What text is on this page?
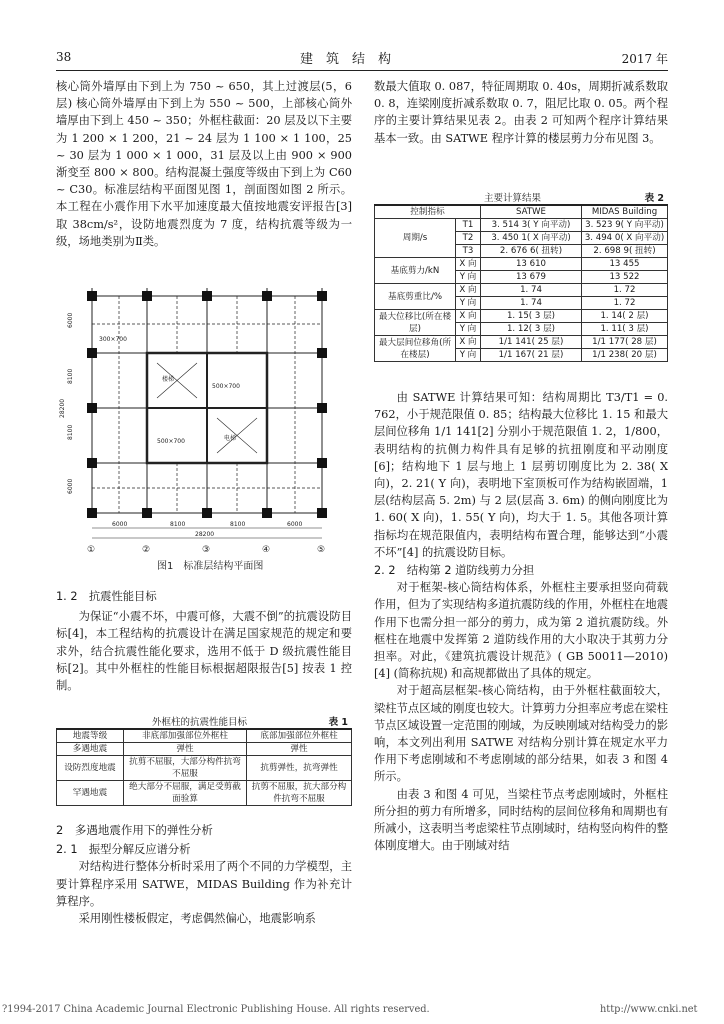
38	建　筑　结　构	2017 年

核心筒外墙厚由下到上为 750 ~ 650，其上过渡层(5，6 层) 核心筒外墙厚由下到上为 550 ~ 500，上部核心筒外墙厚由下到上 450 ~ 350；外框柱截面：20 层及以下主要为 1 200 × 1 200，21 ~ 24 层为 1 100 × 1 100，25 ~ 30 层为 1 000 × 1 000，31 层及以上由 900 × 900 渐变至 800 × 800。结构混凝土强度等级由下到上为 C60 ~ C30。标准层结构平面图见图 1，剖面图如图 2 所示。本工程在小震作用下水平加速度最大值按地震安评报告[3] 取 38cm/s²，设防地震烈度为 7 度，结构抗震等级为一级，场地类别为Ⅱ类。

300×700
500×700
楼梯
电梯
500×700
6000
8100
8100
6000
28200
6000	8100	8100	6000
28200
①	②	③	④	⑤
图1　标准层结构平面图

1. 2　抗震性能目标

为保证“小震不坏，中震可修，大震不倒”的抗震设防目标[4]，本工程结构的抗震设计在满足国家规范的规定和要求外，结合抗震性能化要求，选用不低于 D 级抗震性能目标[2]。其中外框柱的性能目标根据超限报告[5] 按表 1 控制。

外框柱的抗震性能目标	表 1
地震等级	非底部加强部位外框柱	底部加强部位外框柱
多遇地震	弹性	弹性
设防烈度地震	抗剪不屈服，大部分构件抗弯不屈服	抗剪弹性，抗弯弹性
罕遇地震	绝大部分不屈服，满足受剪截面验算	抗剪不屈服，抗大部分构件抗弯不屈服

2　多遇地震作用下的弹性分析

2. 1　振型分解反应谱分析

对结构进行整体分析时采用了两个不同的力学模型，主要计算程序采用 SATWE，MIDAS Building 作为补充计算程序。

采用刚性楼板假定，考虑偶然偏心，地震影响系

数最大值取 0. 087，特征周期取 0. 40s，周期折减系数取 0. 8，连梁刚度折减系数取 0. 7，阻尼比取 0. 05。两个程序的主要计算结果见表 2。由表 2 可知两个程序计算结果基本一致。由 SATWE 程序计算的楼层剪力分布见图 3。

主要计算结果	表 2
控制指标		SATWE	MIDAS Building
周期/s	T1	3. 514 3( Y 向平动)	3. 523 9( Y 向平动)
	T2	3. 450 1( X 向平动)	3. 494 0( X 向平动)
	T3	2. 676 6( 扭转)	2. 698 9( 扭转)
基底剪力/kN	X 向	13 610	13 455
	Y 向	13 679	13 522
基底剪重比/%	X 向	1. 74	1. 72
	Y 向	1. 74	1. 72
最大位移比(所在楼层)	X 向	1. 15( 3 层)	1. 14( 2 层)
	Y 向	1. 12( 3 层)	1. 11( 3 层)
最大层间位移角(所在楼层)	X 向	1/1 141( 25 层)	1/1 177( 28 层)
	Y 向	1/1 167( 21 层)	1/1 238( 20 层)

由 SATWE 计算结果可知：结构周期比 T3/T1 = 0. 762，小于规范限值 0. 85；结构最大位移比 1. 15 和最大层间位移角 1/1 141[2] 分别小于规范限值 1. 2，1/800，表明结构的抗侧力构件具有足够的抗扭刚度和平动刚度[6]；结构地下 1 层与地上 1 层剪切刚度比为 2. 38( X 向)，2. 21( Y 向)，表明地下室顶板可作为结构嵌固端，1 层(结构层高 5. 2m) 与 2 层(层高 3. 6m) 的侧向刚度比为 1. 60( X 向)，1. 55( Y 向)，均大于 1. 5。其他各项计算指标均在规范限值内，表明结构布置合理，能够达到“小震不坏”[4] 的抗震设防目标。

2. 2　结构第 2 道防线剪力分担

对于框架-核心筒结构体系，外框柱主要承担竖向荷载作用，但为了实现结构多道抗震防线的作用，外框柱在地震作用下也需分担一部分的剪力，成为第 2 道抗震防线。外框柱在地震中发挥第 2 道防线作用的大小取决于其剪力分担率。对此，《建筑抗震设计规范》( GB 50011—2010) [4] (简称抗规) 和高规都做出了具体的规定。

对于超高层框架-核心筒结构，由于外框柱截面较大，梁柱节点区域的刚度也较大。计算剪力分担率应考虑在梁柱节点区域设置一定范围的刚域，为反映刚域对结构受力的影响，本文列出利用 SATWE 对结构分别计算在规定水平力作用下考虑刚域和不考虑刚域的部分结果，如表 3 和图 4 所示。

由表 3 和图 4 可见，当梁柱节点考虑刚域时，外框柱所分担的剪力有所增多，同时结构的层间位移角和周期也有所减小，这表明当考虑梁柱节点刚域时，结构竖向构件的整体刚度增大。由于刚域对结

?1994-2017 China Academic Journal Electronic Publishing House. All rights reserved.	http://www.cnki.net
